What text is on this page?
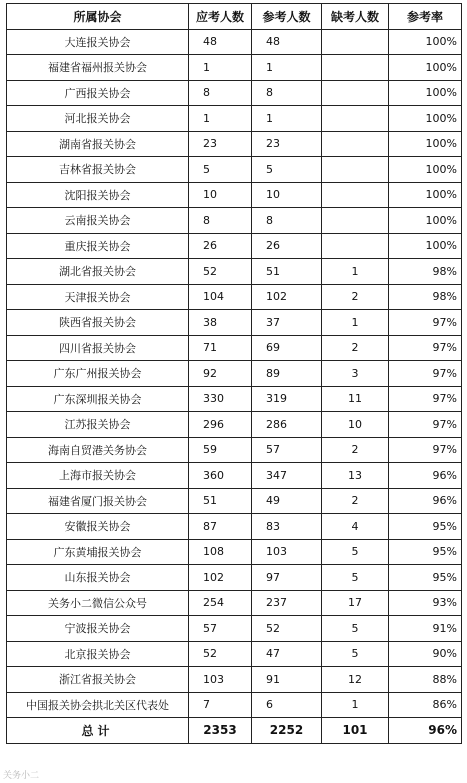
所属协会	应考人数	参考人数	缺考人数	参考率
大连报关协会	48	48		100%
福建省福州报关协会	1	1		100%
广西报关协会	8	8		100%
河北报关协会	1	1		100%
湖南省报关协会	23	23		100%
吉林省报关协会	5	5		100%
沈阳报关协会	10	10		100%
云南报关协会	8	8		100%
重庆报关协会	26	26		100%
湖北省报关协会	52	51	1	98%
天津报关协会	104	102	2	98%
陕西省报关协会	38	37	1	97%
四川省报关协会	71	69	2	97%
广东广州报关协会	92	89	3	97%
广东深圳报关协会	330	319	11	97%
江苏报关协会	296	286	10	97%
海南自贸港关务协会	59	57	2	97%
上海市报关协会	360	347	13	96%
福建省厦门报关协会	51	49	2	96%
安徽报关协会	87	83	4	95%
广东黄埔报关协会	108	103	5	95%
山东报关协会	102	97	5	95%
关务小二微信公众号	254	237	17	93%
宁波报关协会	57	52	5	91%
北京报关协会	52	47	5	90%
浙江省报关协会	103	91	12	88%
中国报关协会拱北关区代表处	7	6	1	86%
总计	2353	2252	101	96%
关务小二
